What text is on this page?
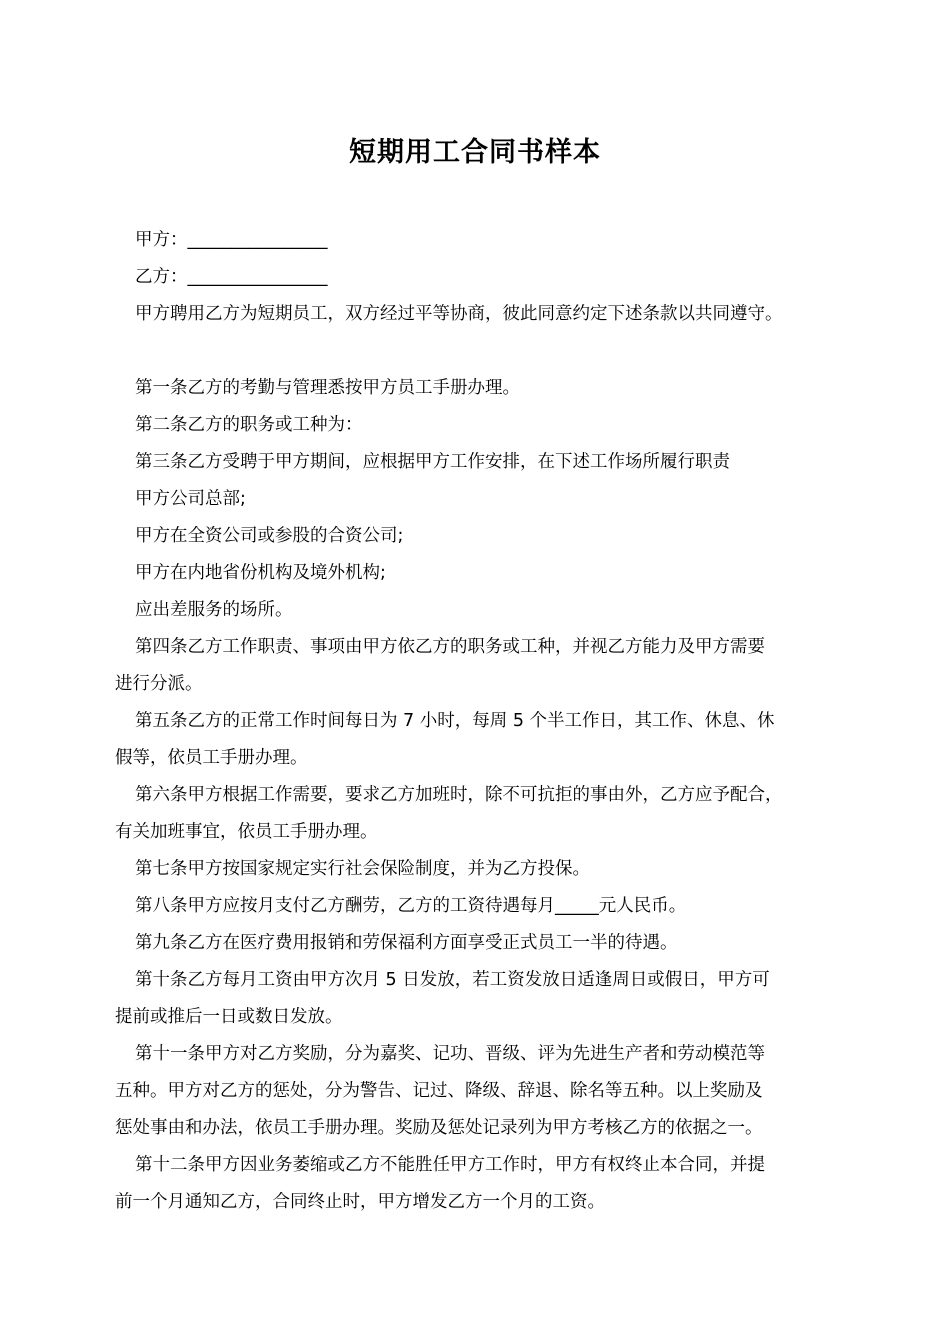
短期用工合同书样本
甲方：________________
乙方：________________
甲方聘用乙方为短期员工，双方经过平等协商，彼此同意约定下述条款以共同遵守。
第一条乙方的考勤与管理悉按甲方员工手册办理。
第二条乙方的职务或工种为：
第三条乙方受聘于甲方期间，应根据甲方工作安排，在下述工作场所履行职责
甲方公司总部;
甲方在全资公司或参股的合资公司;
甲方在内地省份机构及境外机构;
应出差服务的场所。
第四条乙方工作职责、事项由甲方依乙方的职务或工种，并视乙方能力及甲方需要
进行分派。
第五条乙方的正常工作时间每日为 7 小时，每周 5 个半工作日，其工作、休息、休
假等，依员工手册办理。
第六条甲方根据工作需要，要求乙方加班时，除不可抗拒的事由外，乙方应予配合，
有关加班事宜，依员工手册办理。
第七条甲方按国家规定实行社会保险制度，并为乙方投保。
第八条甲方应按月支付乙方酬劳，乙方的工资待遇每月_____元人民币。
第九条乙方在医疗费用报销和劳保福利方面享受正式员工一半的待遇。
第十条乙方每月工资由甲方次月 5 日发放，若工资发放日适逢周日或假日，甲方可
提前或推后一日或数日发放。
第十一条甲方对乙方奖励，分为嘉奖、记功、晋级、评为先进生产者和劳动模范等
五种。甲方对乙方的惩处，分为警告、记过、降级、辞退、除名等五种。以上奖励及
惩处事由和办法，依员工手册办理。奖励及惩处记录列为甲方考核乙方的依据之一。
第十二条甲方因业务萎缩或乙方不能胜任甲方工作时，甲方有权终止本合同，并提
前一个月通知乙方，合同终止时，甲方增发乙方一个月的工资。
